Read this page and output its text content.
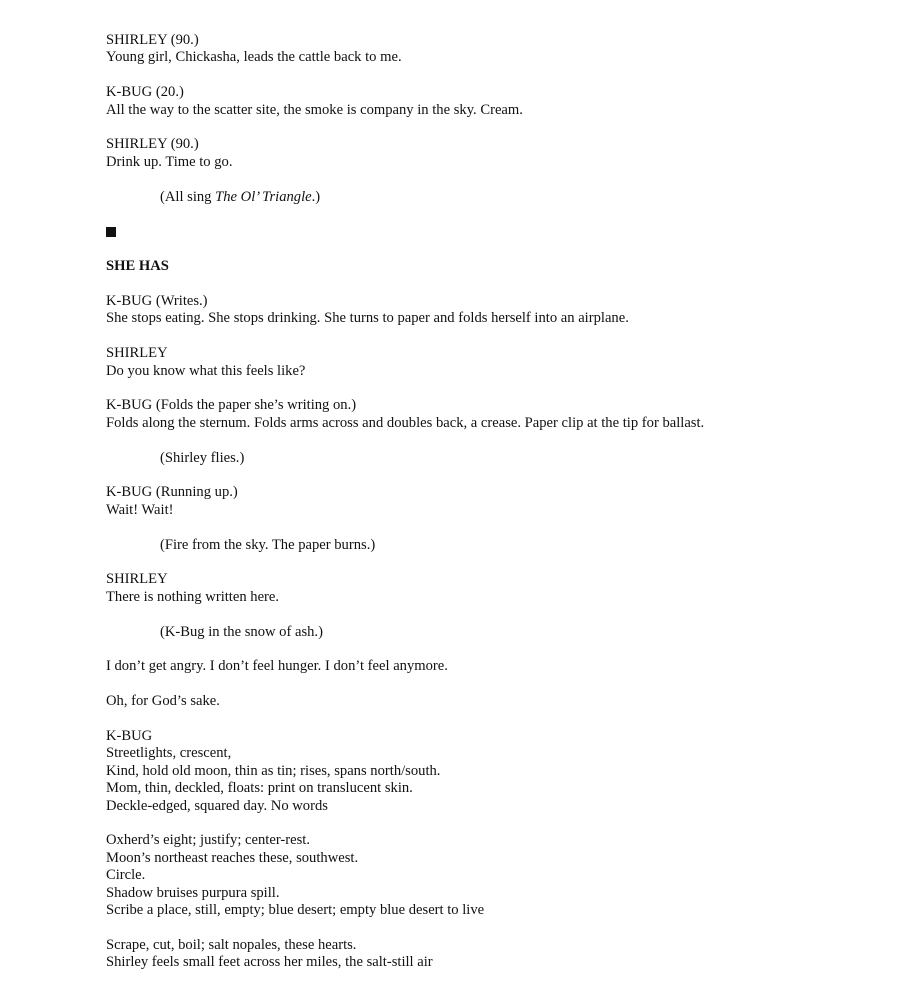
SHIRLEY (90.)
Young girl, Chickasha, leads the cattle back to me.
K-BUG (20.)
All the way to the scatter site, the smoke is company in the sky. Cream.
SHIRLEY (90.)
Drink up. Time to go.
(All sing The Ol’ Triangle.)
SHE HAS
K-BUG (Writes.)
She stops eating. She stops drinking. She turns to paper and folds herself into an airplane.
SHIRLEY
Do you know what this feels like?
K-BUG (Folds the paper she’s writing on.)
Folds along the sternum. Folds arms across and doubles back, a crease. Paper clip at the tip for ballast.
(Shirley flies.)
K-BUG (Running up.)
Wait! Wait!
(Fire from the sky. The paper burns.)
SHIRLEY
There is nothing written here.
(K-Bug in the snow of ash.)
I don’t get angry. I don’t feel hunger. I don’t feel anymore.
Oh, for God’s sake.
K-BUG
Streetlights, crescent,
Kind, hold old moon, thin as tin; rises, spans north/south.
Mom, thin, deckled, floats: print on translucent skin.
Deckle-edged, squared day. No words
Oxherd’s eight; justify; center-rest.
Moon’s northeast reaches these, southwest.
Circle.
Shadow bruises purpura spill.
Scribe a place, still, empty; blue desert; empty blue desert to live
Scrape, cut, boil; salt nopales, these hearts.
Shirley feels small feet across her miles, the salt-still air
